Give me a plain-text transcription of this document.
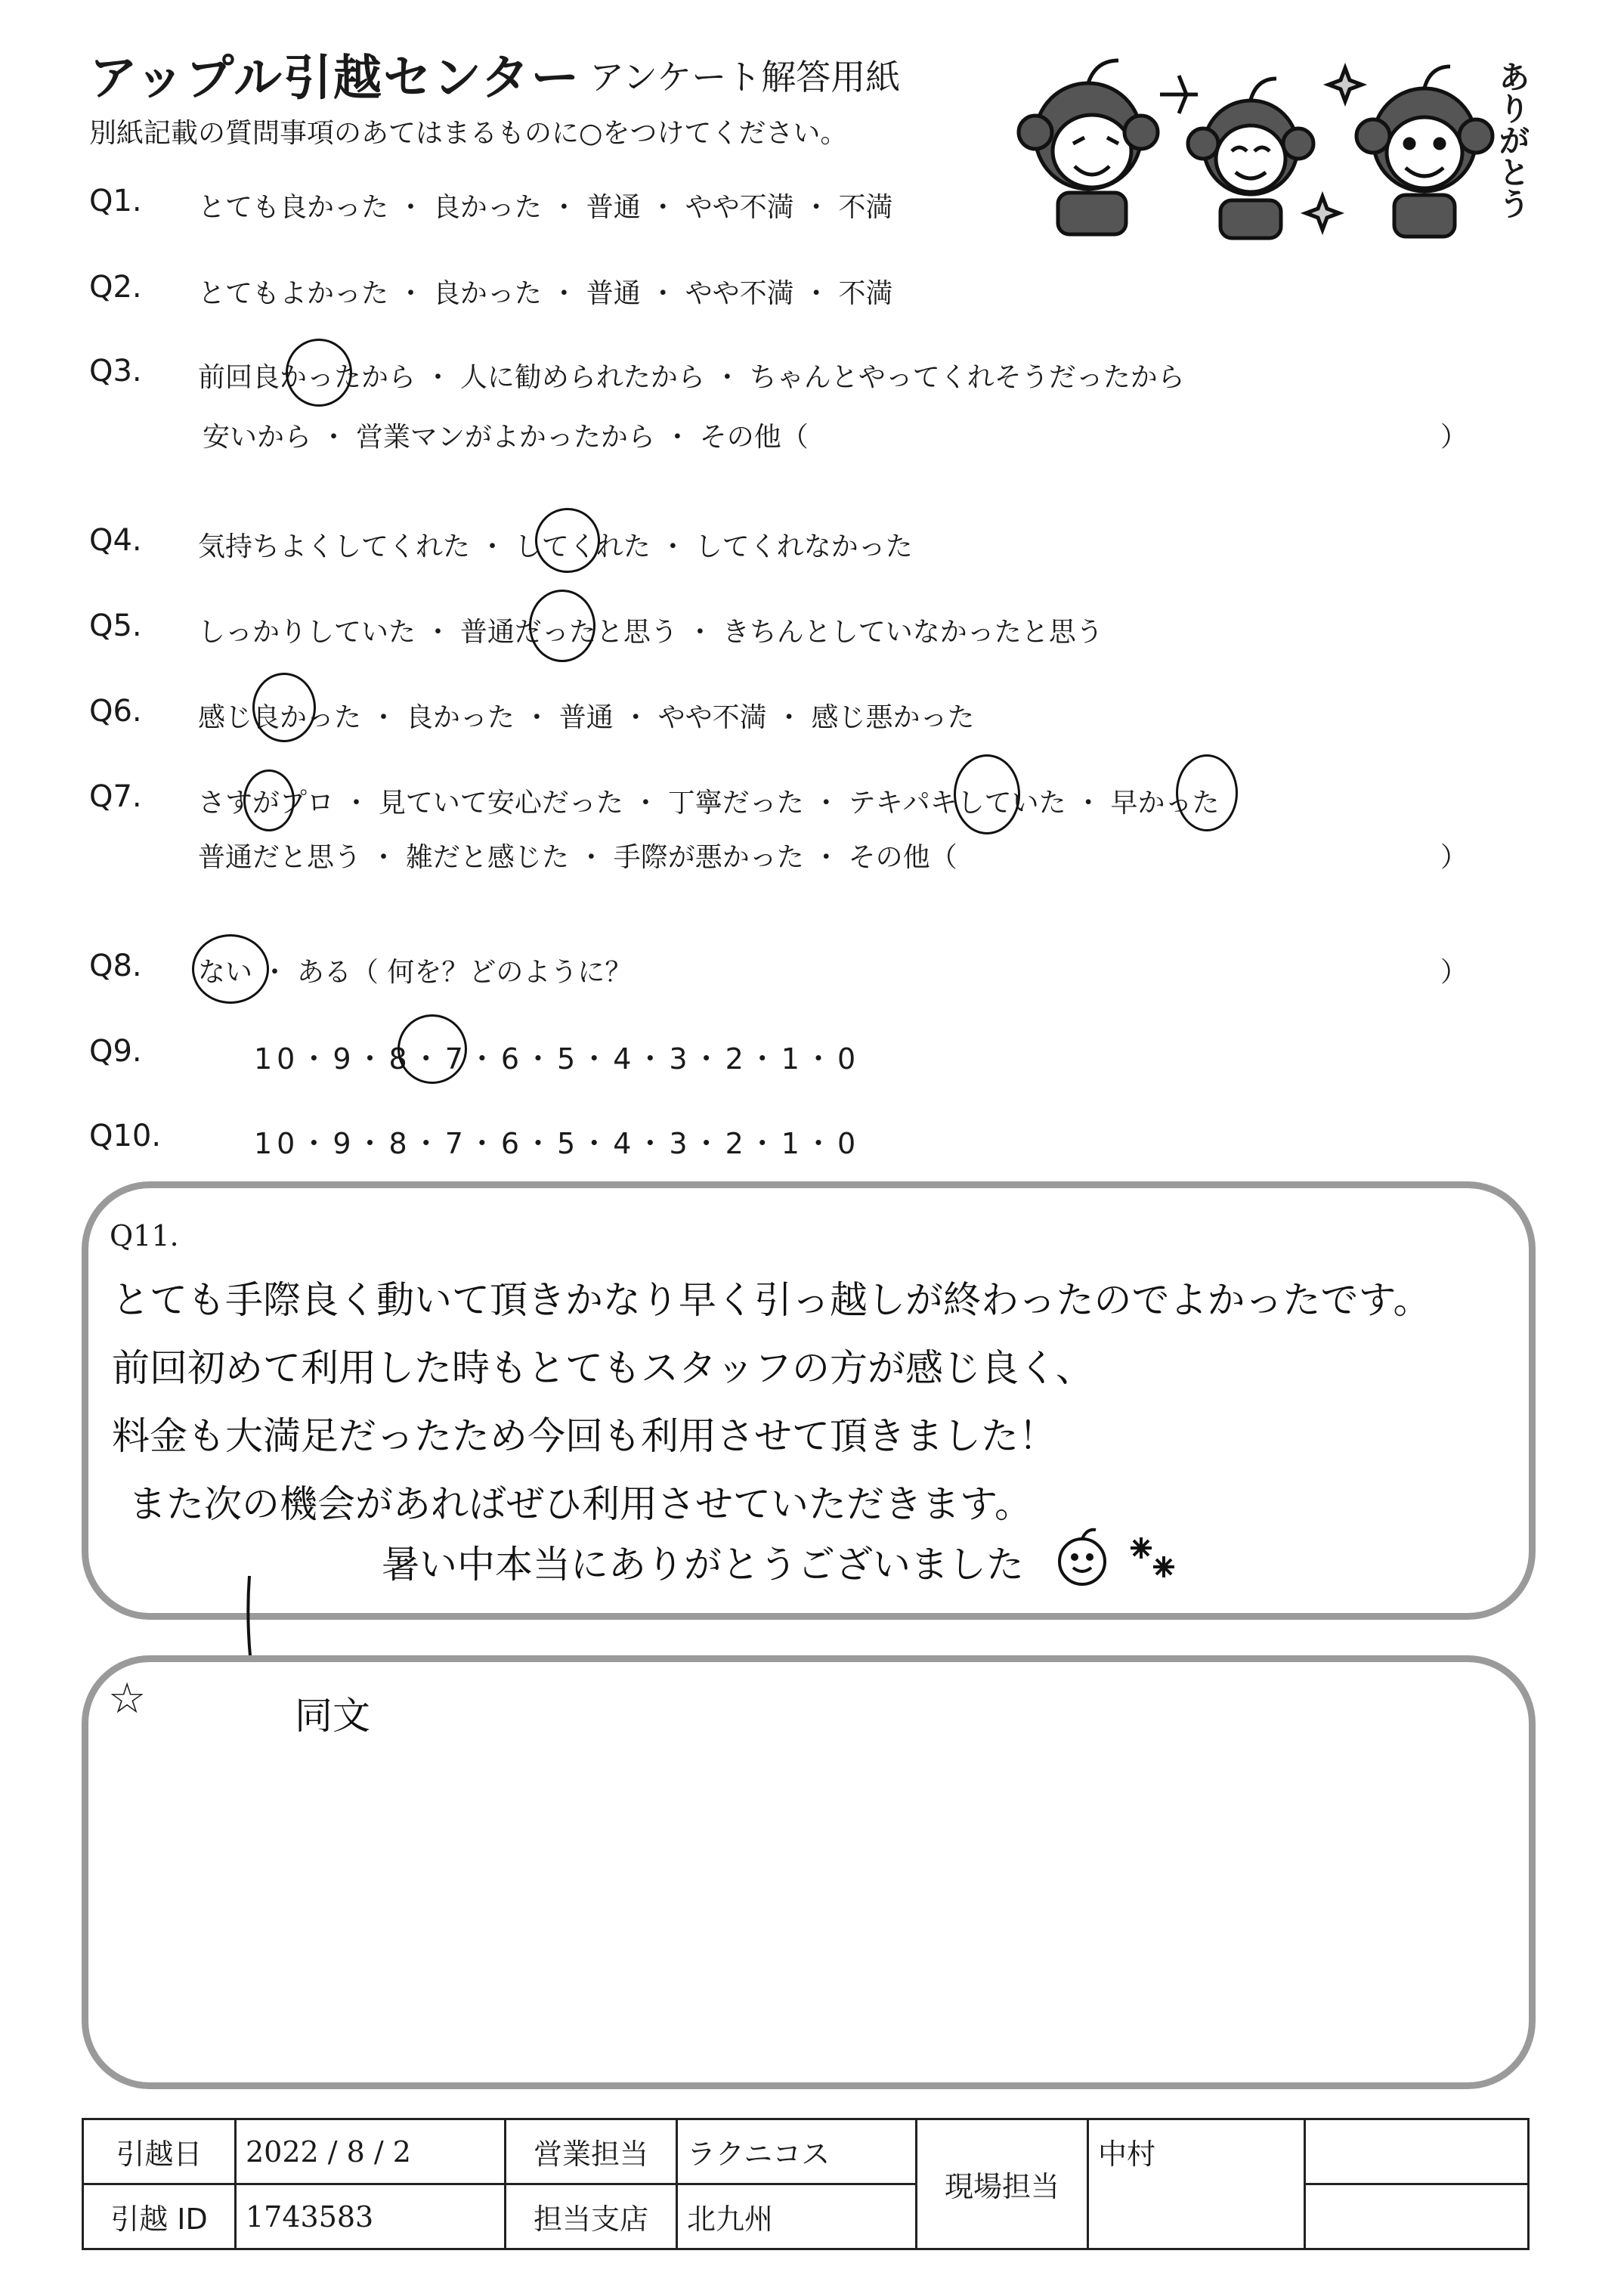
アップル引越センター アンケート解答用紙
別紙記載の質問事項のあてはまるものに○をつけてください。	ありがとう
Q1. とても良かった ・ 良かった ・ 普通 ・ やや不満 ・ 不満
Q2. とてもよかった ・ 良かった ・ 普通 ・ やや不満 ・ 不満
Q3. 前回良かったから ・ 人に勧められたから ・ ちゃんとやってくれそうだったから
安いから ・ 営業マンがよかったから ・ その他（	）
Q4. 気持ちよくしてくれた ・ してくれた ・ してくれなかった
Q5. しっかりしていた ・ 普通だったと思う ・ きちんとしていなかったと思う
Q6. 感じ良かった ・ 良かった ・ 普通 ・ やや不満 ・ 感じ悪かった
Q7. さすがプロ ・ 見ていて安心だった ・ 丁寧だった ・ テキパキしていた ・ 早かった
普通だと思う ・ 雑だと感じた ・ 手際が悪かった ・ その他（	）
Q8. ない ・ ある（ 何を？どのように？	）
Q9.	10・9・8・7・6・5・4・3・2・1・0
Q10.	10・9・8・7・6・5・4・3・2・1・0
Q11.
とても手際良く動いて頂きかなり早く引っ越しが終わったのでよかったです。
前回初めて利用した時もとてもスタッフの方が感じ良く、
料金も大満足だったため今回も利用させて頂きました！
また次の機会があればぜひ利用させていただきます。
暑い中本当にありがとうございました
☆	同文
引越日	2022 / 8 / 2	営業担当	ラクニコス	現場担当	中村	
引越 ID	1743583	担当支店	北九州			
